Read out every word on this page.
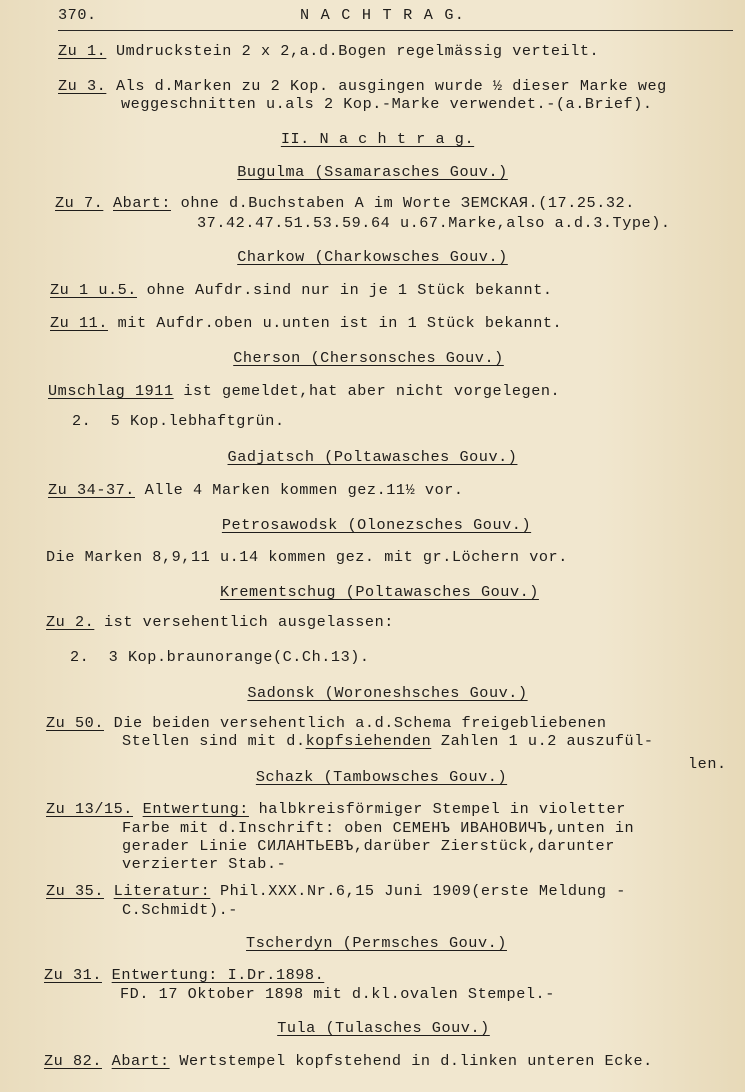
370.	N A C H T R A G.
Zu 1. Umdruckstein 2 x 2,a.d.Bogen regelmässig verteilt.
Zu 3. Als d.Marken zu 2 Kop. ausgingen wurde ½ dieser Marke weg
weggeschnitten u.als 2 Kop.-Marke verwendet.-(a.Brief).
II. N a c h t r a g.
Bugulma (Ssamarasches Gouv.)
Zu 7. Abart: ohne d.Buchstaben A im Worte ЗЕМСКАЯ.(17.25.32.
37.42.47.51.53.59.64 u.67.Marke,also a.d.3.Type).
Charkow (Charkowsches Gouv.)
Zu 1 u.5. ohne Aufdr.sind nur in je 1 Stück bekannt.
Zu 11. mit Aufdr.oben u.unten ist in 1 Stück bekannt.
Cherson (Chersonsches Gouv.)
Umschlag 1911 ist gemeldet,hat aber nicht vorgelegen.
2.  5 Kop.lebhaftgrün.
Gadjatsch (Poltawasches Gouv.)
Zu 34-37. Alle 4 Marken kommen gez.11½ vor.
Petrosawodsk (Olonezsches Gouv.)
Die Marken 8,9,11 u.14 kommen gez. mit gr.Löchern vor.
Krementschug (Poltawasches Gouv.)
Zu 2. ist versehentlich ausgelassen:
2.  3 Kop.braunorange(C.Ch.13).
Sadonsk (Woroneshsches Gouv.)
Zu 50. Die beiden versehentlich a.d.Schema freigebliebenen
Stellen sind mit d.kopfsiehenden Zahlen 1 u.2 auszufül-
len.
Schazk (Tambowsches Gouv.)
Zu 13/15. Entwertung: halbkreisförmiger Stempel in violetter
Farbe mit d.Inschrift: oben СЕМЕНЪ ИВАНОВИЧЪ,unten in
gerader Linie СИЛАНТЬЕВЪ,darüber Zierstück,darunter
verzierter Stab.-
Zu 35. Literatur: Phil.XXX.Nr.6,15 Juni 1909(erste Meldung -
C.Schmidt).-
Tscherdyn (Permsches Gouv.)
Zu 31. Entwertung: I.Dr.1898.
FD. 17 Oktober 1898 mit d.kl.ovalen Stempel.-
Tula (Tulasches Gouv.)
Zu 82. Abart: Wertstempel kopfstehend in d.linken unteren Ecke.
